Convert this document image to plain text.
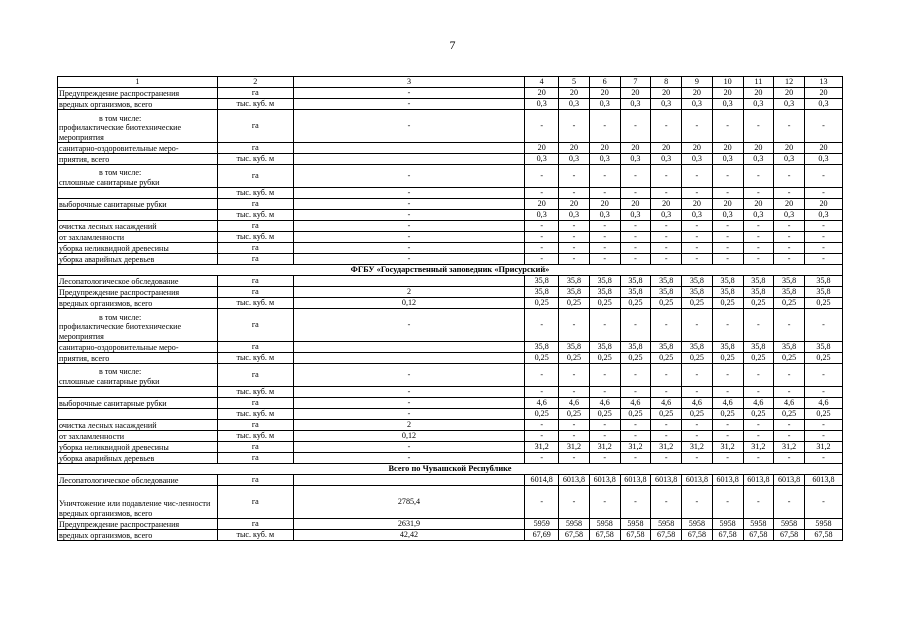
7
1	2	3	4	5	6	7	8	9	10	11	12	13
Предупреждение распространения	га	-	20	20	20	20	20	20	20	20	20	20
вредных организмов, всего	тыс. куб. м	-	0,3	0,3	0,3	0,3	0,3	0,3	0,3	0,3	0,3	0,3

в том числе:
профилактические биотехнические мероприятия	га	-	-	-	-	-	-	-	-	-	-	-
санитарно-оздоровительные меро-	га		20	20	20	20	20	20	20	20	20	20
приятия, всего	тыс. куб. м		0,3	0,3	0,3	0,3	0,3	0,3	0,3	0,3	0,3	0,3

в том числе:
сплошные санитарные рубки	га	-	-	-	-	-	-	-	-	-	-	-
	тыс. куб. м	-	-	-	-	-	-	-	-	-	-	-
выборочные санитарные рубки	га	-	20	20	20	20	20	20	20	20	20	20
	тыс. куб. м	-	0,3	0,3	0,3	0,3	0,3	0,3	0,3	0,3	0,3	0,3
очистка лесных насаждений	га	-	-	-	-	-	-	-	-	-	-	-
от захламленности	тыс. куб. м	-	-	-	-	-	-	-	-	-	-	-
уборка неликвидной древесины	га	-	-	-	-	-	-	-	-	-	-	-
уборка аварийных деревьев	га	-	-	-	-	-	-	-	-	-	-	-
ФГБУ «Государственный заповедник «Присурский»												
Лесопатологическое обследование	га		35,8	35,8	35,8	35,8	35,8	35,8	35,8	35,8	35,8	35,8
Предупреждение распространения	га	2	35,8	35,8	35,8	35,8	35,8	35,8	35,8	35,8	35,8	35,8
вредных организмов, всего	тыс. куб. м	0,12	0,25	0,25	0,25	0,25	0,25	0,25	0,25	0,25	0,25	0,25

в том числе:
профилактические биотехнические мероприятия	га	-	-	-	-	-	-	-	-	-	-	-
санитарно-оздоровительные меро-	га		35,8	35,8	35,8	35,8	35,8	35,8	35,8	35,8	35,8	35,8
приятия, всего	тыс. куб. м		0,25	0,25	0,25	0,25	0,25	0,25	0,25	0,25	0,25	0,25

в том числе:
сплошные санитарные рубки	га	-	-	-	-	-	-	-	-	-	-	-
	тыс. куб. м	-	-	-	-	-	-	-	-	-	-	-
выборочные санитарные рубки	га	-	4,6	4,6	4,6	4,6	4,6	4,6	4,6	4,6	4,6	4,6
	тыс. куб. м	-	0,25	0,25	0,25	0,25	0,25	0,25	0,25	0,25	0,25	0,25
очистка лесных насаждений	га	2	-	-	-	-	-	-	-	-	-	-
от захламленности	тыс. куб. м	0,12	-	-	-	-	-	-	-	-	-	-
уборка неликвидной древесины	га	-	31,2	31,2	31,2	31,2	31,2	31,2	31,2	31,2	31,2	31,2
уборка аварийных деревьев	га	-	-	-	-	-	-	-	-	-	-	-
Всего по Чувашской Республике												
Лесопатологическое обследование	га		6014,8	6013,8	6013,8	6013,8	6013,8	6013,8	6013,8	6013,8	6013,8	6013,8
Уничтожение или подавление чис-ленности вредных организмов, всего	га	2785,4	-	-	-	-	-	-	-	-	-	-
Предупреждение распространения	га	2631,9	5959	5958	5958	5958	5958	5958	5958	5958	5958	5958
вредных организмов, всего	тыс. куб. м	42,42	67,69	67,58	67,58	67,58	67,58	67,58	67,58	67,58	67,58	67,58
